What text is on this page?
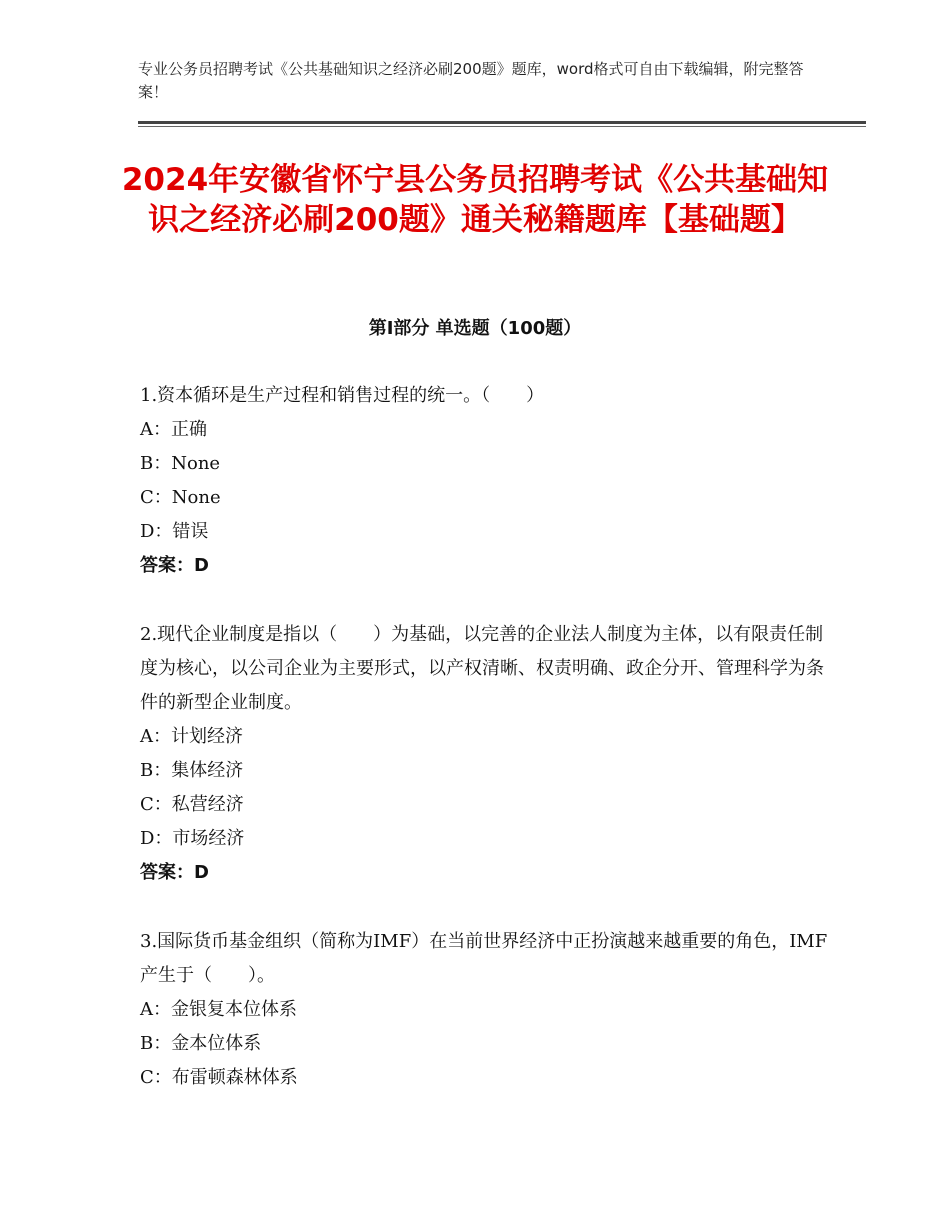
专业公务员招聘考试《公共基础知识之经济必刷200题》题库，word格式可自由下载编辑，附完整答案！
2024年安徽省怀宁县公务员招聘考试《公共基础知识之经济必刷200题》通关秘籍题库【基础题】
第I部分 单选题（100题）

1.资本循环是生产过程和销售过程的统一。（　　）

A：正确
B：None
C：None
D：错误
答案：D

2.现代企业制度是指以（　　）为基础，以完善的企业法人制度为主体，以有限责任制度为核心，以公司企业为主要形式，以产权清晰、权责明确、政企分开、管理科学为条件的新型企业制度。

A：计划经济
B：集体经济
C：私营经济
D：市场经济
答案：D

3.国际货币基金组织（简称为IMF）在当前世界经济中正扮演越来越重要的角色，IMF产生于（　　）。

A：金银复本位体系
B：金本位体系
C：布雷顿森林体系
